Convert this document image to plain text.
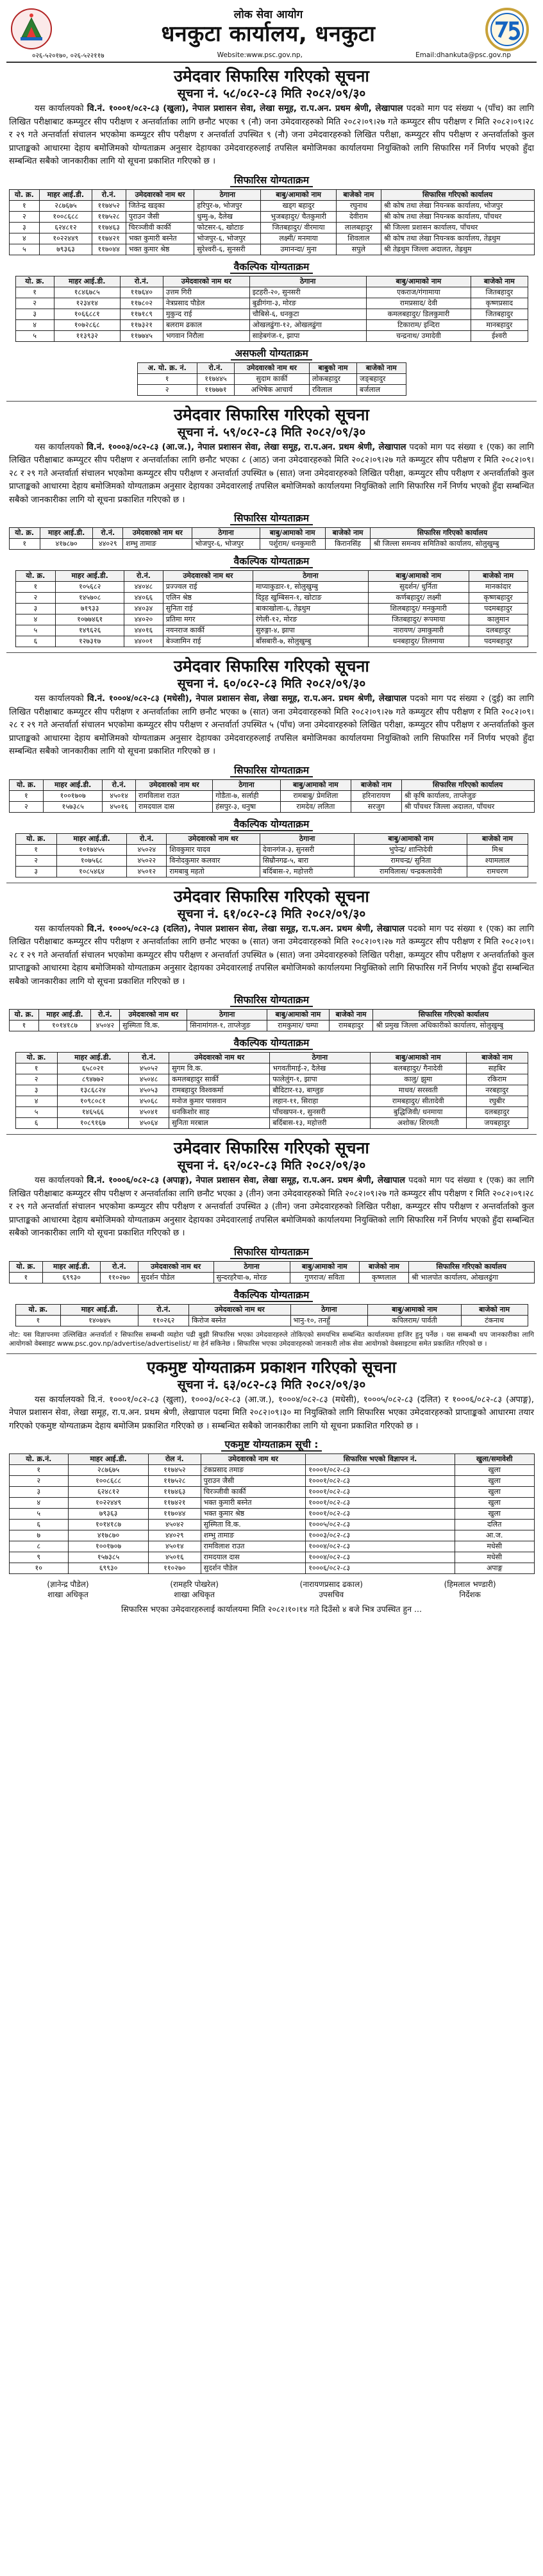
लोक सेवा आयोग
धनकुटा कार्यालय, धनकुटा
०२६-५२०१७०, ०२६-५२२११७	Website:www.psc.gov.np,	Email:dhankuta@psc.gov.np
उमेदवार सिफारिस गरिएको सूचना
सूचना नं. ५८/०८२-८३ मिति २०८२/०९/३०
यस कार्यालयको वि.नं. १०००१/०८२-८३ (खुला), नेपाल प्रशासन सेवा, लेखा समूह, रा.प.अन. प्रथम श्रेणी, लेखापाल पदको माग पद संख्या ५ (पाँच) का लागि लिखित परीक्षाबाट कम्प्युटर सीप परीक्षण र अन्तर्वार्ताका लागि छनौट भएका ९ (नौ) जना उमेदवारहरुको मिति २०८२।०९।२७ गते कम्प्युटर सीप परीक्षण र मिति २०८२।०९।२८ र २९ गते अन्तर्वार्ता संचालन भएकोमा कम्प्युटर सीप परीक्षण र अन्तर्वार्ता उपस्थित ९ (नौ) जना उमेदवारहरुको लिखित परीक्षा, कम्प्युटर सीप परीक्षण र अन्तर्वार्ताको कुल प्राप्ताङ्कको आधारमा देहाय बमोजिमको योग्यताक्रम अनुसार देहायका उमेदवारहरुलाई तपसिल बमोजिमका कार्यालयमा नियुक्तिको लागि सिफारिस गर्ने निर्णय भएको हुँदा सम्बन्धित सबैको जानकारीका लागि यो सूचना प्रकाशित गरिएको छ ।
सिफारिस योग्यताक्रम
यो. क्र.	माहर आई.डी.	रो.नं.	उमेदवारको नाम थर	ठेगाना	बाबु/आमाको नाम	बाजेको नाम	सिफारिस गरिएको कार्यालय
१	२८७६७५	११७४५२	जितेन्द्र खड्का	हरिपुर-७, भोजपुर	खड्ग बहादुर	रघुनाथ	श्री कोष तथा लेखा नियन्त्रक कार्यालय, भोजपुर
२	१००८६८८	११७५२८	पुराउन जैसी	धुम्मु-७, दैलेख	भुजबहादुर/ चैतकुमारी	देवीराम	श्री कोष तथा लेखा नियन्त्रक कार्यालय, पाँचथर
३	६२४८१२	११७४६३	चिरञ्जीवी कार्की	फोटसर-६, खोटाङ	जितबहादुर/ वीरमाया	लालबहादुर	श्री जिल्ला प्रशासन कार्यालय, पाँचथर
४	१०२२४४९	११७४२१	भक्त कुमारी बस्नेत	भोजपुर-६, भोजपुर	लक्ष्मी/ मनमाया	शिवलाल	श्री कोष तथा लेखा नियन्त्रक कार्यालय, तेह्रथुम
५	७९३६३	११७०४४	भक्त कुमार श्रेष्ठ	सुरेश्वरी-६, सुनसरी	उमानन्दा/ मुना	सपुले	श्री तेह्रथुम जिल्ला अदालत, तेह्रथुम
वैकल्पिक योग्यताक्रम
यो. क्र.	माहर आई.डी.	रो.नं.	उमेदवारको नाम थर	ठेगाना	बाबु/आमाको नाम	बाजेको नाम
१	१८४६७८५	११७६४०	उत्तम गिरी	इटहरी-२०, सुनसरी	एकराज/गंगामाया	जितबहादुर
२	१२३४१४	११७८०२	नेत्रप्रसाद पौडेल	बुढीगंगा-३, मोरङ	रामप्रसाद/ देवी	कृष्णप्रसाद
३	१०६६८८१	११७१८९	मुकुन्द राई	चौबिसे-६, धनकुटा	कमलबहादुर/ डिलकुमारी	जितबहादुर
४	१०७२८६८	११७३२१	बलराम ढकाल	ओखलढुंगा-१२, ओखलढुंगा	टिकाराम/ इन्दिरा	मानबहादुर
५	११३९३२	११७७४५	भगवान निरौला	साहेबगंज-१, झापा	चन्द्रनाथ/ उमादेवी	ईश्वरी
असफली योग्यताक्रम
अ. यो. क्र. नं.	रो.नं.	उमेदवारको नाम थर	बाबुको नाम	बाजेको नाम
१	११७४४५	सुदाम कार्की	लोकबहादुर	जङ्बहादुर
२	११७७७१	अभिषेक आचार्य	रविलाल	बर्जलाल
उमेदवार सिफारिस गरिएको सूचना
सूचना नं. ५९/०८२-८३ मिति २०८२/०९/३०
यस कार्यालयको वि.नं. १०००३/०८२-८३ (आ.ज.), नेपाल प्रशासन सेवा, लेखा समूह, रा.प.अन. प्रथम श्रेणी, लेखापाल पदको माग पद संख्या १ (एक) का लागि लिखित परीक्षाबाट कम्प्युटर सीप परीक्षण र अन्तर्वार्ताका लागि छनौट भएका ८ (आठ) जना उमेदवारहरुको मिति २०८२।०९।२७ गते कम्प्युटर सीप परीक्षण र मिति २०८२।०९।२८ र २९ गते अन्तर्वार्ता संचालन भएकोमा कम्प्युटर सीप परीक्षण र अन्तर्वार्ता उपस्थित ७ (सात) जना उमेदवारहरुको लिखित परीक्षा, कम्प्युटर सीप परीक्षण र अन्तर्वार्ताको कुल प्राप्ताङ्कको आधारमा देहाय बमोजिमको योग्यताक्रम अनुसार देहायका उमेदवारलाई तपसिल बमोजिमको कार्यालयमा नियुक्तिको लागि सिफारिस गर्ने निर्णय भएको हुँदा सम्बन्धित सबैको जानकारीका लागि यो सूचना प्रकाशित गरिएको छ ।
सिफारिस योग्यताक्रम
यो. क्र.	माहर आई.डी.	रो.नं.	उमेदवारको नाम थर	ठेगाना	बाबु/आमाको नाम	बाजेको नाम	सिफारिस गरिएको कार्यालय
१	४१७८७०	४४०२९	शम्भु तामाङ	भोजपुर-६, भोजपुर	पर्शुराम/ धनकुमारी	किरानसिंह	श्री जिल्ला समन्वय समितिको कार्यालय, सोलुखुम्बु
वैकल्पिक योग्यताक्रम
यो. क्र.	माहर आई.डी.	रो.नं.	उमेदवारको नाम थर	ठेगाना	बाबु/आमाको नाम	बाजेको नाम
१	१०५६८२	४४०४८	प्रज्ज्वल राई	माप्याकुडार-१, सोलुखुम्बु	सुदर्शन/ धुर्निता	मानकांदार
२	१४५७०८	४४०६६	एलिन श्रेष्ठ	दिट्टह खुम्बिसन-१, खोटाङ	कर्णबहादुर/ लक्ष्मी	कृष्णबहादुर
३	७१९३३	४४०३४	सुनिता राई	बाकाखोला-६, तेह्रथुम	शिलबहादुर/ मनकुमारी	पदमबहादुर
४	१०७७४६१	४४०२०	प्रतिमा मगर	रंगेली-१२, मोरङ	जितबहादुर/ रूपमाया	कालुमान
५	१४९६२६	४४०१६	नयनराज कार्की	सुरुङ्गा-४, झापा	नारायण/ उमाकुमारी	दलबहादुर
६	१२७३१७	४४००१	बेञ्जामिन राई	बाँसबारी-७, सोलुखुम्बु	धनबहादुर/ तिलमाया	पदमबहादुर
उमेदवार सिफारिस गरिएको सूचना
सूचना नं. ६०/०८२-८३ मिति २०८२/०९/३०
यस कार्यालयको वि.नं. १०००४/०८२-८३ (मधेसी), नेपाल प्रशासन सेवा, लेखा समूह, रा.प.अन. प्रथम श्रेणी, लेखापाल पदको माग पद संख्या २ (दुई) का लागि लिखित परीक्षाबाट कम्प्युटर सीप परीक्षण र अन्तर्वार्ताका लागि छनौट भएका ७ (सात) जना उमेदवारहरुको मिति २०८२।०९।२७ गते कम्प्युटर सीप परीक्षण र मिति २०८२।०९।२८ र २९ गते अन्तर्वार्ता संचालन भएकोमा कम्प्युटर सीप परीक्षण र अन्तर्वार्ता उपस्थित ५ (पाँच) जना उमेदवारहरुको लिखित परीक्षा, कम्प्युटर सीप परीक्षण र अन्तर्वार्ताको कुल प्राप्ताङ्कको आधारमा देहाय बमोजिमको योग्यताक्रम अनुसार देहायका उमेदवारहरुलाई तपसिल बमोजिमका कार्यालयमा नियुक्तिको लागि सिफारिस गर्ने निर्णय भएको हुँदा सम्बन्धित सबैको जानकारीका लागि यो सूचना प्रकाशित गरिएको छ ।
सिफारिस योग्यताक्रम
यो. क्र.	माहर आई.डी.	रो.नं.	उमेदवारको नाम थर	ठेगाना	बाबु/आमाको नाम	बाजेको नाम	सिफारिस गरिएको कार्यालय
१	१००१७०७	४५०१४	रामविलाश राउत	गोडैता-७, सर्लाही	रामबाबु/ प्रेमशिला	हरिनारायण	श्री कृषि कार्यालय, ताप्लेजुङ
२	१५७३८५	४५०१६	रामदयाल दास	हंसपुर-३, धनुषा	रामदेव/ ललिता	सरजुग	श्री पाँचथर जिल्ला अदालत, पाँचथर
वैकल्पिक योग्यताक्रम
यो. क्र.	माहर आई.डी.	रो.नं.	उमेदवारको नाम थर	ठेगाना	बाबु/आमाको नाम	बाजेको नाम
१	१०१७४५५	४५०२४	शिवकुमार यादव	देवानगंज-३, सुनसरी	भुपेन्द्र/ शान्तिदेवी	मिश्र
२	१०७५६८	४५०२२	विनोदकुमार कलवार	सिम्रौनगढ-५, बारा	रामचन्द्र/ सुनिता	श्यामलाल
३	१०८५४६४	४५०१२	रामबाबु महतो	बर्दिबास-२, महोत्तरी	रामविलास/ चन्द्रकलादेवी	रामचरण
उमेदवार सिफारिस गरिएको सूचना
सूचना नं. ६१/०८२-८३ मिति २०८२/०९/३०
यस कार्यालयको वि.नं. १०००५/०८२-८३ (दलित), नेपाल प्रशासन सेवा, लेखा समूह, रा.प.अन. प्रथम श्रेणी, लेखापाल पदको माग पद संख्या १ (एक) का लागि लिखित परीक्षाबाट कम्प्युटर सीप परीक्षण र अन्तर्वार्ताका लागि छनौट भएका ७ (सात) जना उमेदवारहरुको मिति २०८२।०९।२७ गते कम्प्युटर सीप परीक्षण र मिति २०८२।०९।२८ र २९ गते अन्तर्वार्ता संचालन भएकोमा कम्प्युटर सीप परीक्षण र अन्तर्वार्ता उपस्थित ७ (सात) जना उमेदवारहरुको लिखित परीक्षा, कम्प्युटर सीप परीक्षण र अन्तर्वार्ताको कुल प्राप्ताङ्कको आधारमा देहाय बमोजिमको योग्यताक्रम अनुसार देहायका उमेदवारलाई तपसिल बमोजिमको कार्यालयमा नियुक्तिको लागि सिफारिस गर्ने निर्णय भएको हुँदा सम्बन्धित सबैको जानकारीका लागि यो सूचना प्रकाशित गरिएको छ ।
सिफारिस योग्यताक्रम
यो. क्र.	माहर आई.डी.	रो.नं.	उमेदवारको नाम थर	ठेगाना	बाबु/आमाको नाम	बाजेको नाम	सिफारिस गरिएको कार्यालय
१	१०१४१८७	४५०४२	सुस्मिता वि.क.	सिनामांगल-१, ताप्लेजुङ	रामकुमार/ चम्पा	रामबहादुर	श्री प्रमुख जिल्ला अधिकारीको कार्यालय, सोलुखुम्बु
वैकल्पिक योग्यताक्रम
यो. क्र.	माहर आई.डी.	रो.नं.	उमेदवारको नाम थर	ठेगाना	बाबु/आमाको नाम	बाजेको नाम
१	६५८०२१	४५०५२	सुगम वि.क.	भगवतीमाई-२, दैलेख	बलबहादुर/ गैनादेवी	सहबिर
२	८९४७७२	४५०४८	कमलबहादुर सार्की	फालेलुंग-१, झापा	कालु/ झुमा	रकिराम
३	१३८६८२४	४५०५३	रामबहादुर विश्वकर्मा	बौदिटार-१३, बाग्लुङ	माधव/ सरस्वती	नरबहादुर
४	१०९८०८१	४५०६८	मनोज कुमार पासवान	लहान-११, सिराहा	रामबहादुर/ सीतादेवी	रघुबीर
५	१४६५६६	४५०४१	धनकिशोर साह	पाँचखपन-१, सुनसरी	बुद्धिजिवी/ धनमाया	दलबहादुर
६	१०८९१६७	४५०६४	सुनिता मरबाल	बर्दिबास-१३, महोत्तरी	अशोक/ शिरमती	जयबहादुर
उमेदवार सिफारिस गरिएको सूचना
सूचना नं. ६२/०८२-८३ मिति २०८२/०९/३०
यस कार्यालयको वि.नं. १०००६/०८२-८३ (अपाङ्ग), नेपाल प्रशासन सेवा, लेखा समूह, रा.प.अन. प्रथम श्रेणी, लेखापाल पदको माग पद संख्या १ (एक) का लागि लिखित परीक्षाबाट कम्प्युटर सीप परीक्षण र अन्तर्वार्ताका लागि छनौट भएका ३ (तीन) जना उमेदवारहरुको मिति २०८२।०९।२७ गते कम्प्युटर सीप परीक्षण र मिति २०८२।०९।२८ र २९ गते अन्तर्वार्ता संचालन भएकोमा कम्प्युटर सीप परीक्षण र अन्तर्वार्ता उपस्थित ३ (तीन) जना उमेदवारहरुको लिखित परीक्षा, कम्प्युटर सीप परीक्षण र अन्तर्वार्ताको कुल प्राप्ताङ्कको आधारमा देहाय बमोजिमको योग्यताक्रम अनुसार देहायका उमेदवारलाई तपसिल बमोजिमको कार्यालयमा नियुक्तिको लागि सिफारिस गर्ने निर्णय भएको हुँदा सम्बन्धित सबैको जानकारीका लागि यो सूचना प्रकाशित गरिएको छ ।
सिफारिस योग्यताक्रम
यो. क्र.	माहर आई.डी.	रो.नं.	उमेदवारको नाम थर	ठेगाना	बाबु/आमाको नाम	बाजेको नाम	सिफारिस गरिएको कार्यालय
१	६९९३०	११०२७०	सुदर्शन पौडेल	सुन्दरहरैचा-७, मोरङ	गुणराज/ सविता	कृष्णलाल	श्री भालपोत कार्यालय, ओखलढुंगा
वैकल्पिक योग्यताक्रम
यो. क्र.	माहर आई.डी.	रो.नं.	उमेदवारको नाम थर	ठेगाना	बाबु/आमाको नाम	बाजेको नाम
१	१४०७४५	११०२६२	किरोज बस्नेत	भानु-१०, तनहुँ	कपिलराम/ पार्वती	टंकनाथ
नोट: यस विज्ञापनमा उल्लिखित अन्तर्वार्ता र सिफारिस सम्बन्धी व्यहोरा पढी बुझी सिफारिस भएका उमेदवारहरुले तोकिएको समयभित्र सम्बन्धित कार्यालयमा हाजिर हुनु पर्नेछ । यस सम्बन्धी थप जानकारीका लागि आयोगको वेबसाइट www.psc.gov.np/advertise/advertiselist/ मा हेर्न सकिनेछ । सिफारिस भएका उमेदवारहरुको जानकारी लोक सेवा आयोगको वेबसाइटमा समेत प्रकाशित गरिएको छ ।
एकमुष्ट योग्यताक्रम प्रकाशन गरिएको सूचना
सूचना नं. ६३/०८२-८३ मिति २०८२/०९/३०
यस कार्यालयको वि.नं. १०००१/०८२-८३ (खुला), १०००३/०८२-८३ (आ.ज.), १०००४/०८२-८३ (मधेसी), १०००५/०८२-८३ (दलित) र १०००६/०८२-८३ (अपाङ्ग), नेपाल प्रशासन सेवा, लेखा समूह, रा.प.अन. प्रथम श्रेणी, लेखापाल पदमा मिति २०८२।०९।३० मा नियुक्तिको लागि सिफारिस भएका उमेदवारहरुको प्राप्ताङ्कको आधारमा तयार गरिएको एकमुष्ट योग्यताक्रम देहाय बमोजिम प्रकाशित गरिएको छ । सम्बन्धित सबैको जानकारीका लागि यो सूचना प्रकाशित गरिएको छ ।
एकमुष्ट योग्यताक्रम सूची :
यो. क्र.नं.	माहर आई.डी.	रोल नं.	उमेदवारको नाम थर	सिफारिस भएको विज्ञापन नं.	खुला/समावेशी
१	२८७६७५	११७४५२	टंकप्रसाद तमाङ	१०००१/०८२-८३	खुला
२	१००८६८८	११७५२८	पुराउन जैसी	१०००१/०८२-८३	खुला
३	६२४८१२	११७४६३	चिरञ्जीवी कार्की	१०००१/०८२-८३	खुला
४	१०२२४४९	११७४२१	भक्त कुमारी बस्नेत	१०००१/०८२-८३	खुला
५	७९३६३	११७०४४	भक्त कुमार श्रेष्ठ	१०००१/०८२-८३	खुला
६	१०१४१८७	४५०४२	सुस्मिता वि.क.	१०००५/०८२-८३	दलित
७	४१७८७०	४४०२९	शम्भु तामाङ	१०००३/०८२-८३	आ.ज.
८	१००१७०७	४५०१४	रामविलाश राउत	१०००४/०८२-८३	मधेसी
९	१५७३८५	४५०१६	रामदयाल दास	१०००४/०८२-८३	मधेसी
१०	६९९३०	११०२७०	सुदर्शन पौडेल	१०००६/०८२-८३	अपाङ्ग
(ज्ञानेन्द्र पौडेल)
शाखा अधिकृत
(रामहरि पोखरेल)
शाखा अधिकृत
(नारायणप्रसाद ढकाल)
उपसचिव
(हिमलाल भण्डारी)
निर्देशक
सिफारिस भएका उमेदवारहरुलाई कार्यालयमा मिति २०८२।१०।१४ गते दिउँसो ४ बजे भित्र उपस्थित हुन ...
